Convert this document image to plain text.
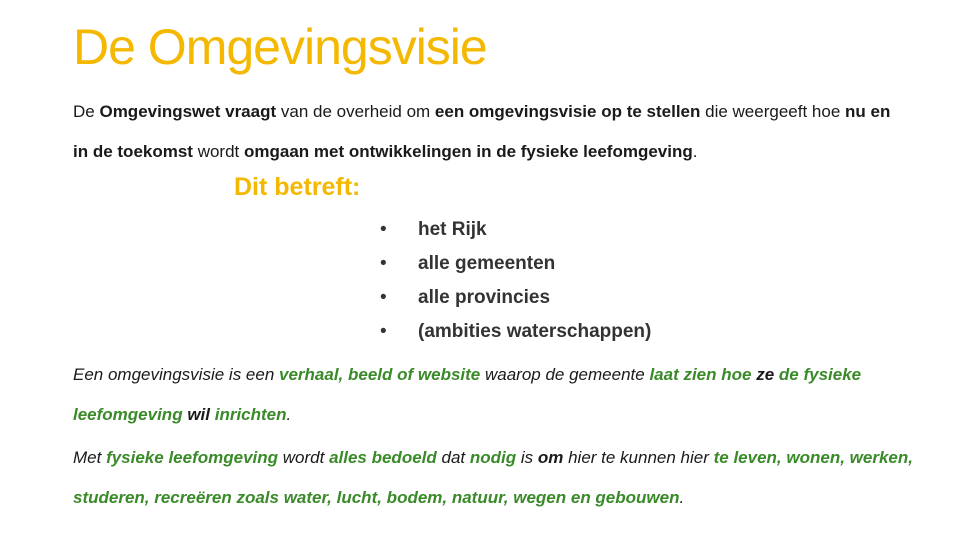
De Omgevingsvisie

De Omgevingswet vraagt van de overheid om een omgevingsvisie op te stellen die weergeeft hoe nu en in de toekomst wordt omgaan met ontwikkelingen in de fysieke leefomgeving.

Dit betreft:
• het Rijk
• alle gemeenten
• alle provincies
• (ambities waterschappen)

Een omgevingsvisie is een verhaal, beeld of website waarop de gemeente laat zien hoe ze de fysieke leefomgeving wil inrichten.

Met fysieke leefomgeving wordt alles bedoeld dat nodig is om hier te kunnen hier te leven, wonen, werken, studeren, recreëren zoals water, lucht, bodem, natuur, wegen en gebouwen.
